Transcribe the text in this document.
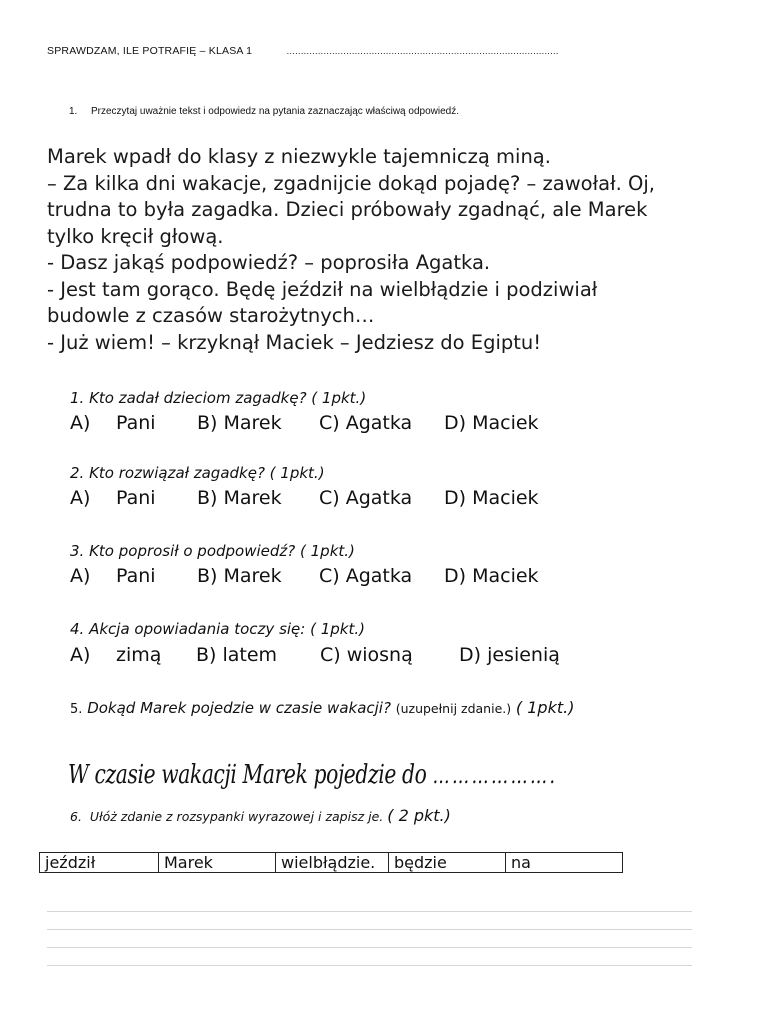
SPRAWDZAM, ILE POTRAFIĘ – KLASA 1	……………………………………………………………………………………
1. Przeczytaj uważnie tekst i odpowiedz na pytania zaznaczając właściwą odpowiedź.
Marek wpadł do klasy z niezwykle tajemniczą miną.
– Za kilka dni wakacje, zgadnijcie dokąd pojadę? – zawołał. Oj,
trudna to była zagadka. Dzieci próbowały zgadnąć, ale Marek
tylko kręcił głową.
- Dasz jakąś podpowiedź? – poprosiła Agatka.
- Jest tam gorąco. Będę jeździł na wielbłądzie i podziwiał
budowle z czasów starożytnych…
- Już wiem! – krzyknął Maciek – Jedziesz do Egiptu!
1. Kto zadał dzieciom zagadkę? ( 1pkt.)
A)	Pani	B) Marek	C) Agatka	D) Maciek
2. Kto rozwiązał zagadkę? ( 1pkt.)
A)	Pani	B) Marek	C) Agatka	D) Maciek
3. Kto poprosił o podpowiedź? ( 1pkt.)
A)	Pani	B) Marek	C) Agatka	D) Maciek
4. Akcja opowiadania toczy się: ( 1pkt.)
A)	zimą	B) latem	C) wiosną	D) jesienią
5. Dokąd Marek pojedzie w czasie wakacji? (uzupełnij zdanie.) ( 1pkt.)
W czasie wakacji Marek pojedzie do ……………….
6. Ułóż zdanie z rozsypanki wyrazowej i zapisz je. ( 2 pkt.)
jeździł	Marek	wielbłądzie.	będzie	na
